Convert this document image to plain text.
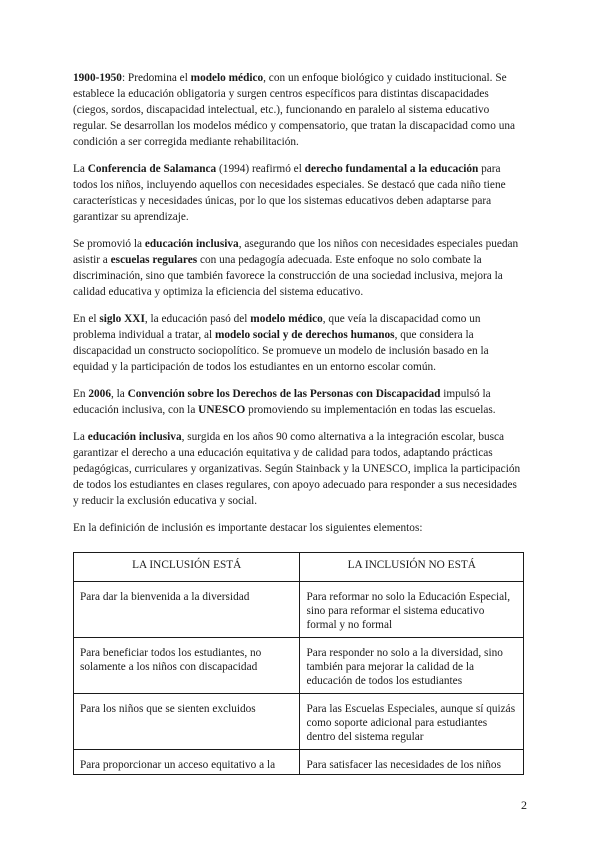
1900-1950: Predomina el modelo médico, con un enfoque biológico y cuidado institucional. Se establece la educación obligatoria y surgen centros específicos para distintas discapacidades (ciegos, sordos, discapacidad intelectual, etc.), funcionando en paralelo al sistema educativo regular. Se desarrollan los modelos médico y compensatorio, que tratan la discapacidad como una condición a ser corregida mediante rehabilitación.

La Conferencia de Salamanca (1994) reafirmó el derecho fundamental a la educación para todos los niños, incluyendo aquellos con necesidades especiales. Se destacó que cada niño tiene características y necesidades únicas, por lo que los sistemas educativos deben adaptarse para garantizar su aprendizaje.

Se promovió la educación inclusiva, asegurando que los niños con necesidades especiales puedan asistir a escuelas regulares con una pedagogía adecuada. Este enfoque no solo combate la discriminación, sino que también favorece la construcción de una sociedad inclusiva, mejora la calidad educativa y optimiza la eficiencia del sistema educativo.

En el siglo XXI, la educación pasó del modelo médico, que veía la discapacidad como un problema individual a tratar, al modelo social y de derechos humanos, que considera la discapacidad un constructo sociopolítico. Se promueve un modelo de inclusión basado en la equidad y la participación de todos los estudiantes en un entorno escolar común.

En 2006, la Convención sobre los Derechos de las Personas con Discapacidad impulsó la educación inclusiva, con la UNESCO promoviendo su implementación en todas las escuelas.

La educación inclusiva, surgida en los años 90 como alternativa a la integración escolar, busca garantizar el derecho a una educación equitativa y de calidad para todos, adaptando prácticas pedagógicas, curriculares y organizativas. Según Stainback y la UNESCO, implica la participación de todos los estudiantes en clases regulares, con apoyo adecuado para responder a sus necesidades y reducir la exclusión educativa y social.

En la definición de inclusión es importante destacar los siguientes elementos:

LA INCLUSIÓN ESTÁ	LA INCLUSIÓN NO ESTÁ
Para dar la bienvenida a la diversidad	Para reformar no solo la Educación Especial, sino para reformar el sistema educativo formal y no formal
Para beneficiar todos los estudiantes, no solamente a los niños con discapacidad	Para responder no solo a la diversidad, sino también para mejorar la calidad de la educación de todos los estudiantes
Para los niños que se sienten excluidos	Para las Escuelas Especiales, aunque sí quizás como soporte adicional para estudiantes dentro del sistema regular
Para proporcionar un acceso equitativo a la	Para satisfacer las necesidades de los niños
2
